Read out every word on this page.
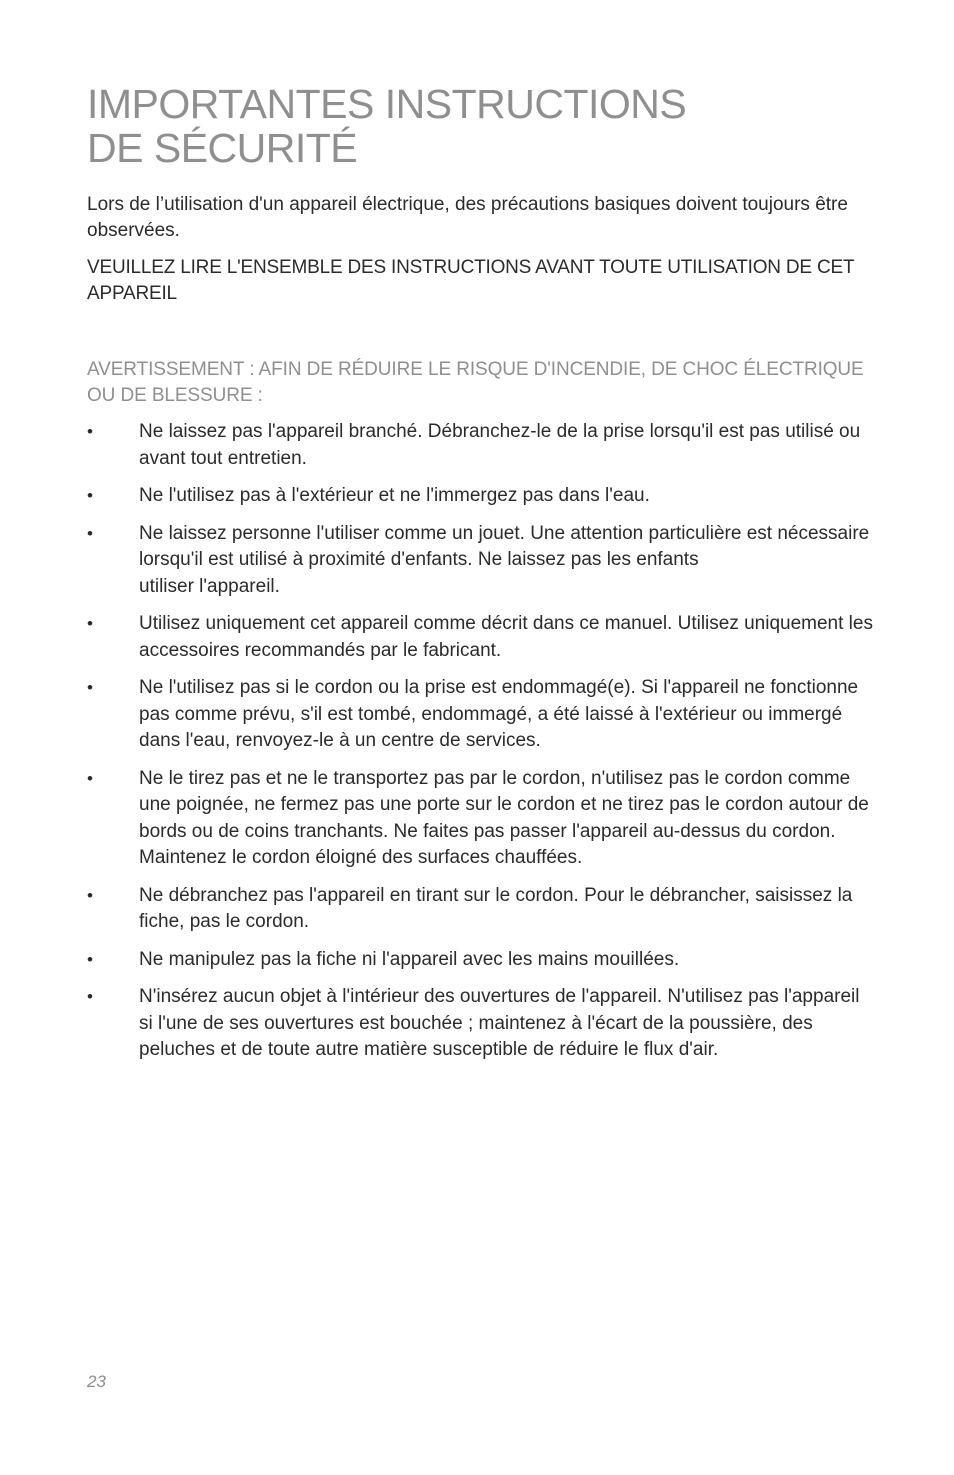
IMPORTANTES INSTRUCTIONS
DE SÉCURITÉ

Lors de l’utilisation d'un appareil électrique, des précautions basiques doivent toujours être observées.

VEUILLEZ LIRE L'ENSEMBLE DES INSTRUCTIONS AVANT TOUTE UTILISATION DE CET APPAREIL

AVERTISSEMENT : AFIN DE RÉDUIRE LE RISQUE D'INCENDIE, DE CHOC ÉLECTRIQUE OU DE BLESSURE :

•	Ne laissez pas l'appareil branché. Débranchez-le de la prise lorsqu'il est pas utilisé ou avant tout entretien.
•	Ne l'utilisez pas à l'extérieur et ne l'immergez pas dans l'eau.
•	Ne laissez personne l'utiliser comme un jouet. Une attention particulière est nécessaire lorsqu'il est utilisé à proximité d'enfants. Ne laissez pas les enfants
utiliser l'appareil.
•	Utilisez uniquement cet appareil comme décrit dans ce manuel. Utilisez uniquement les accessoires recommandés par le fabricant.
•	Ne l'utilisez pas si le cordon ou la prise est endommagé(e). Si l'appareil ne fonctionne pas comme prévu, s'il est tombé, endommagé, a été laissé à l'extérieur ou immergé dans l'eau, renvoyez-le à un centre de services.
•	Ne le tirez pas et ne le transportez pas par le cordon, n'utilisez pas le cordon comme une poignée, ne fermez pas une porte sur le cordon et ne tirez pas le cordon autour de bords ou de coins tranchants. Ne faites pas passer l'appareil au-dessus du cordon. Maintenez le cordon éloigné des surfaces chauffées.
•	Ne débranchez pas l'appareil en tirant sur le cordon. Pour le débrancher, saisissez la fiche, pas le cordon.
•	Ne manipulez pas la fiche ni l'appareil avec les mains mouillées.
•	N'insérez aucun objet à l'intérieur des ouvertures de l'appareil. N'utilisez pas l'appareil si l'une de ses ouvertures est bouchée ; maintenez à l'écart de la poussière, des peluches et de toute autre matière susceptible de réduire le flux d'air.
23
